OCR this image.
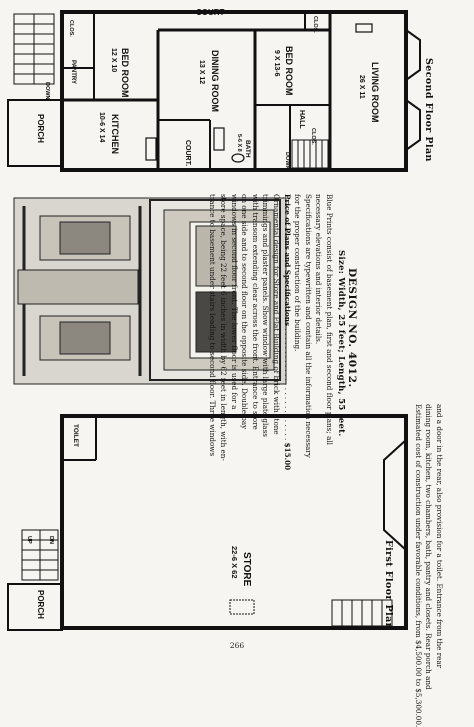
COURT
CLOS.
PANTRY	BED ROOM
12 X 10	DINING ROOM
13 X 12	BED ROOM
9 X 13-6
CLOS.
LIVING ROOM
26 X 11
PORCH
DOWN
KITCHEN
10-6 X 14
COURT.	BATH
5-6 X 8
HALL
CLOS.
DOWN	Second Floor Plan
DESIGN NO. 4012.
Size: Width, 25 feet; Length, 55 feet.
Blue Prints consist of basement plan, first and second floor plans; all
necessary elevations and interior details.
Specifications are typewritten and contain all the information necessary
for the proper construction of the building.
Price of Plans and Specifications . . . . . . . . . . . . . . . . . . . . . . . . . $15.00
Ornamental design for Store and Flat Building of brick with stone
trimmings and plaster panels. Show window with large plate glass
with transom extending clear across the front. Entrance to store
on one side and to second floor on the opposite side. Double bay
windows in second floor front. The lower floor is used for a
store space, being 22 feet 6 inches in width by 62 feet in length, with en-
trance to basement under stairs leading to second floor. Three windows
TOILET
STORE
22-6 X 62
PORCH
UP	DN
First Floor Plan	and a door in the rear, also provision for a toilet. Entrance from the rear
dining room, kitchen, two chambers, bath, pantry and closets. Rear porch and
Estimated cost of construction under favorable conditions, from $4,500.00 to $5,300.00.
266
